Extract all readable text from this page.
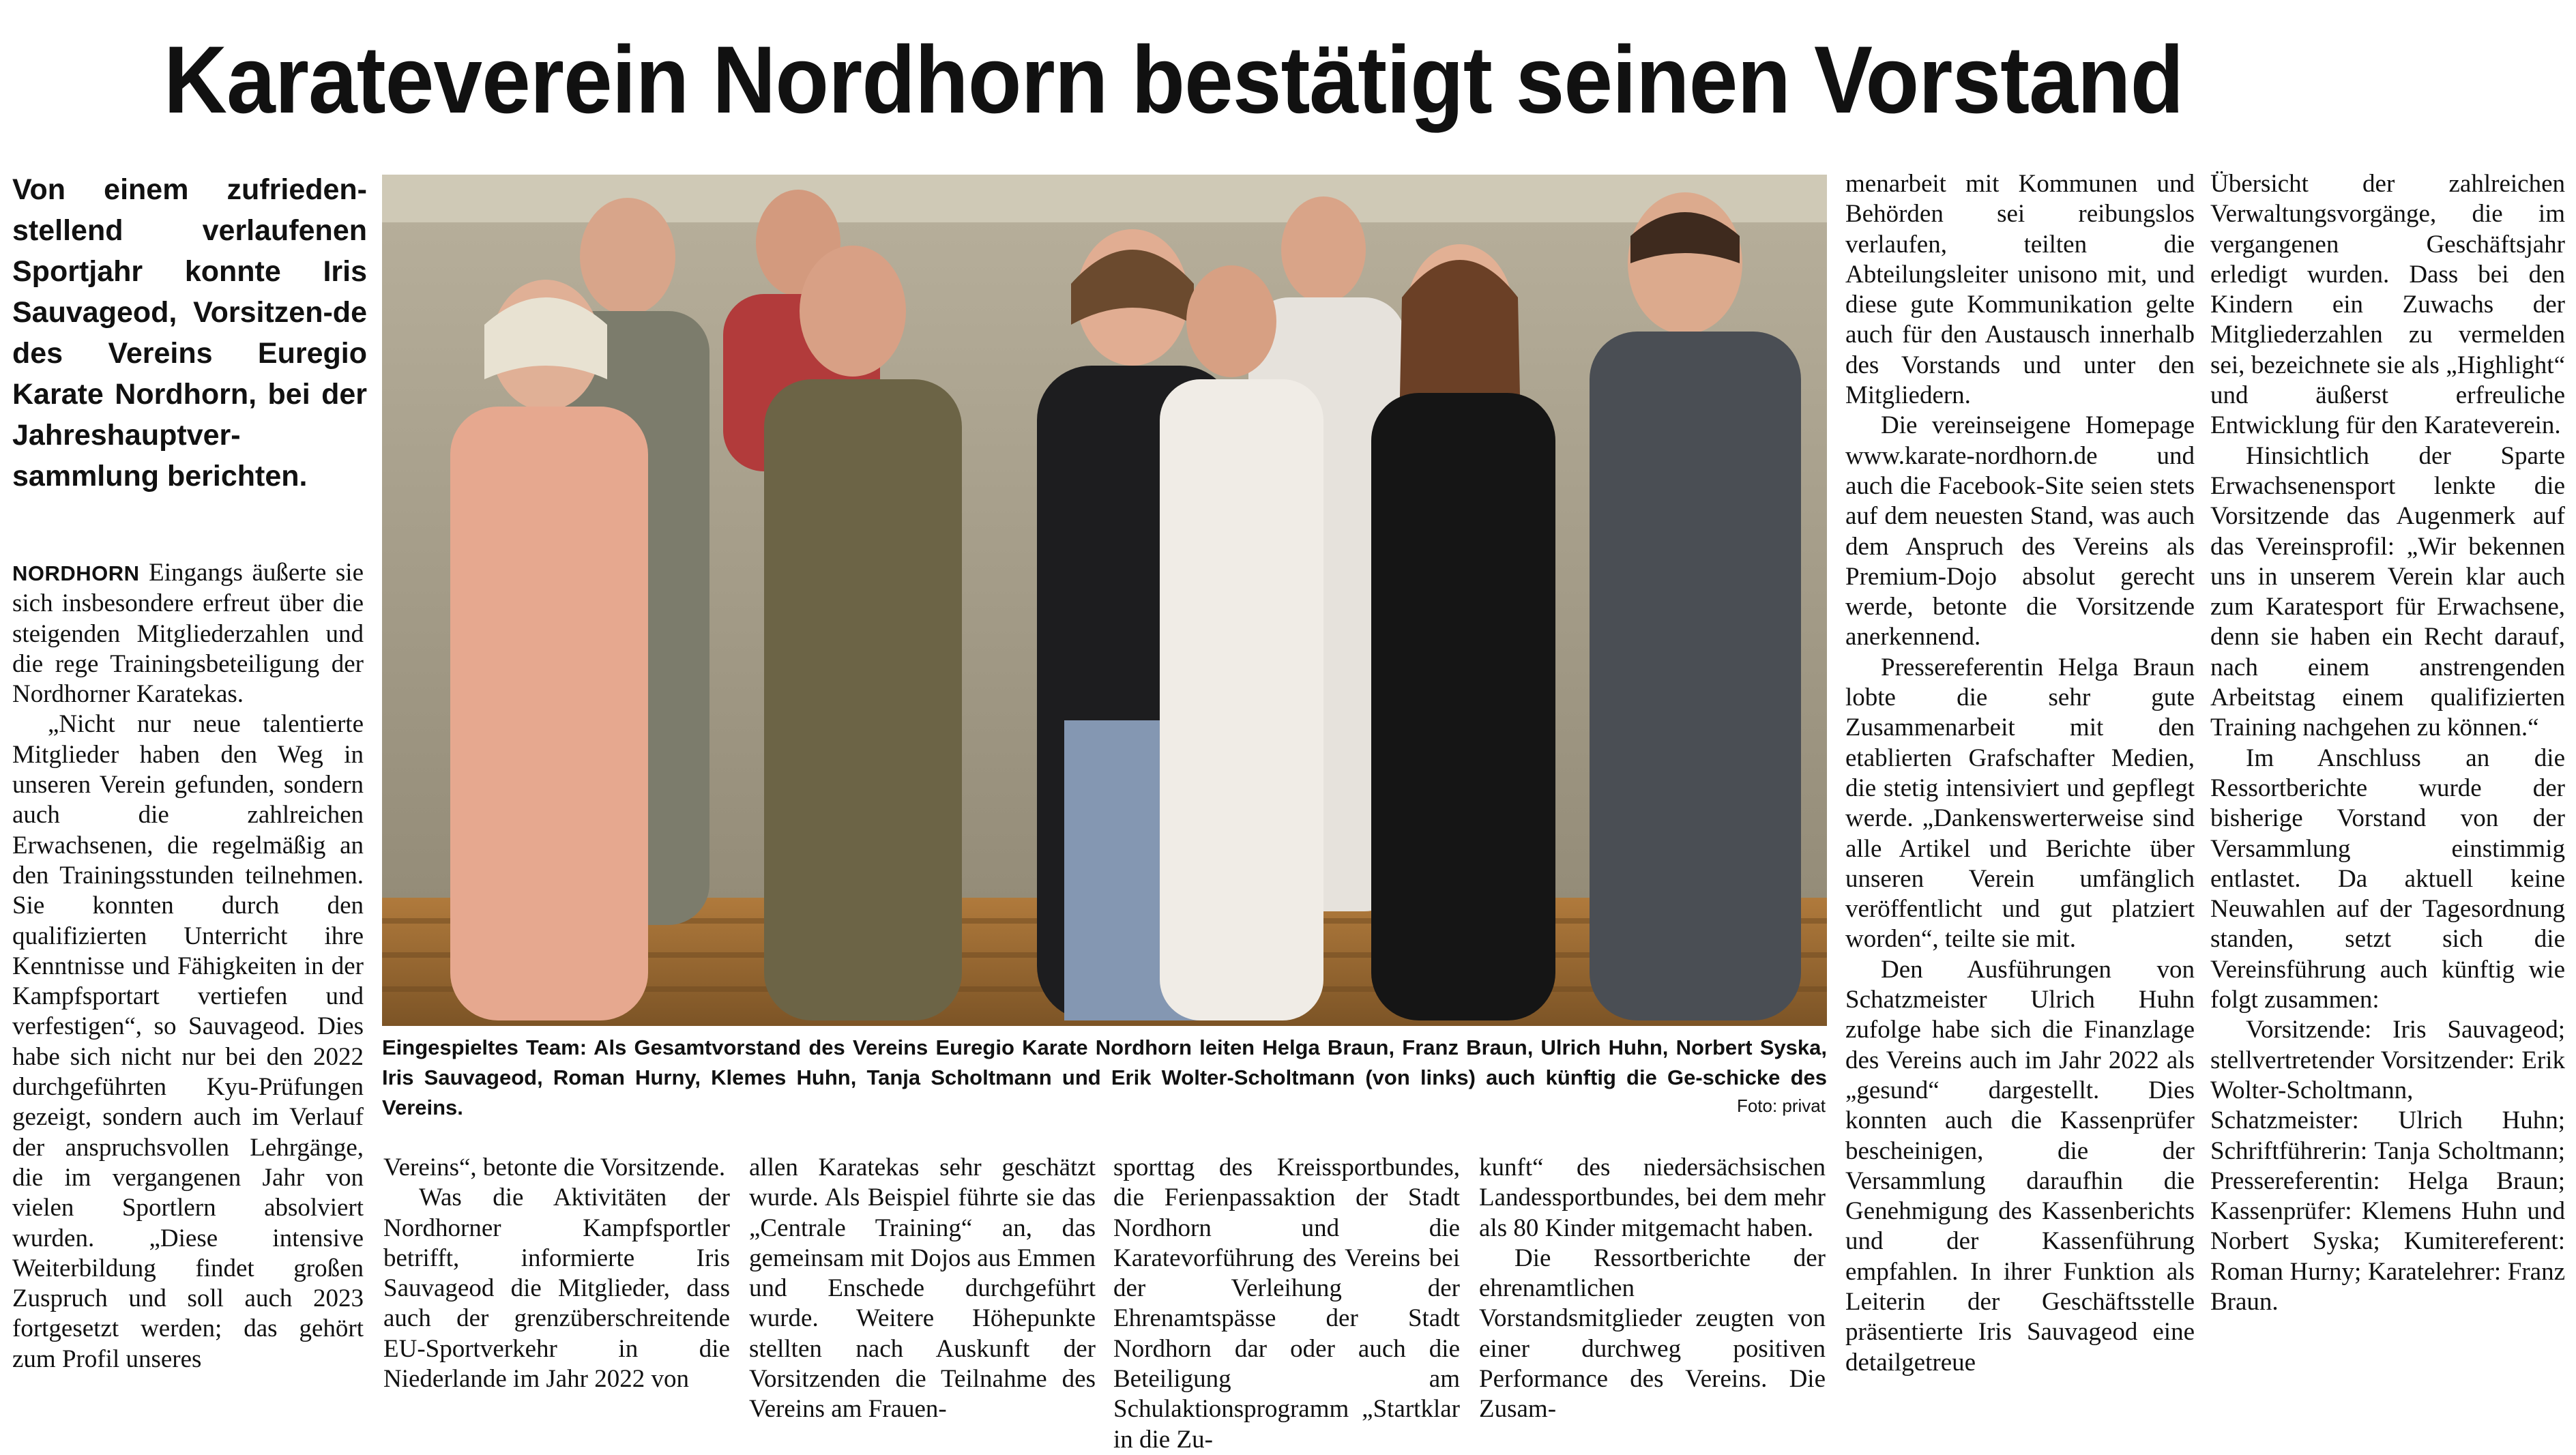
Karateverein Nordhorn bestätigt seinen Vorstand
Von einem zufrieden-stellend verlaufenen Sportjahr konnte Iris Sauvageod, Vorsitzen-de des Vereins Euregio Karate Nordhorn, bei der Jahreshauptver-sammlung berichten.
Eingespieltes Team: Als Gesamtvorstand des Vereins Euregio Karate Nordhorn leiten Helga Braun, Franz Braun, Ulrich Huhn, Norbert Syska, Iris Sauvageod, Roman Hurny, Klemes Huhn, Tanja Scholtmann und Erik Wolter-Scholtmann (von links) auch künftig die Ge-schicke des Vereins.	Foto: privat

NORDHORN Eingangs äußerte sie sich insbesondere erfreut über die steigenden Mitgliederzahlen und die rege Trainingsbeteiligung der Nordhorner Karatekas.

„Nicht nur neue talentierte Mitglieder haben den Weg in unseren Verein gefunden, sondern auch die zahlreichen Erwachsenen, die regelmäßig an den Trainingsstunden teilnehmen. Sie konnten durch den qualifizierten Unterricht ihre Kenntnisse und Fähigkeiten in der Kampfsportart vertiefen und verfestigen“, so Sauvageod. Dies habe sich nicht nur bei den 2022 durchgeführten Kyu-Prüfungen gezeigt, sondern auch im Verlauf der anspruchsvollen Lehrgänge, die im vergangenen Jahr von vielen Sportlern absolviert wurden. „Diese intensive Weiterbildung findet großen Zuspruch und soll auch 2023 fortgesetzt werden; das gehört zum Profil unseres

Vereins“, betonte die Vorsitzende.

Was die Aktivitäten der Nordhorner Kampfsportler betrifft, informierte Iris Sauvageod die Mitglieder, dass auch der grenzüberschreitende EU-Sportverkehr in die Niederlande im Jahr 2022 von

allen Karatekas sehr geschätzt wurde. Als Beispiel führte sie das „Centrale Training“ an, das gemeinsam mit Dojos aus Emmen und Enschede durchgeführt wurde. Weitere Höhepunkte stellten nach Auskunft der Vorsitzenden die Teilnahme des Vereins am Frauen-

sporttag des Kreissportbundes, die Ferienpassaktion der Stadt Nordhorn und die Karatevorführung des Vereins bei der Verleihung der Ehrenamtspässe der Stadt Nordhorn dar oder auch die Beteiligung am Schulaktionsprogramm „Startklar in die Zu-

kunft“ des niedersächsischen Landessportbundes, bei dem mehr als 80 Kinder mitgemacht haben.

Die Ressortberichte der ehrenamtlichen Vorstandsmitglieder zeugten von einer durchweg positiven Performance des Vereins. Die Zusam-

menarbeit mit Kommunen und Behörden sei reibungslos verlaufen, teilten die Abteilungsleiter unisono mit, und diese gute Kommunikation gelte auch für den Austausch innerhalb des Vorstands und unter den Mitgliedern.

Die vereinseigene Homepage www.karate-nordhorn.de und auch die Facebook-Site seien stets auf dem neuesten Stand, was auch dem Anspruch des Vereins als Premium-Dojo absolut gerecht werde, betonte die Vorsitzende anerkennend.

Pressereferentin Helga Braun lobte die sehr gute Zusammenarbeit mit den etablierten Grafschafter Medien, die stetig intensiviert und gepflegt werde. „Dankenswerterweise sind alle Artikel und Berichte über unseren Verein umfänglich veröffentlicht und gut platziert worden“, teilte sie mit.

Den Ausführungen von Schatzmeister Ulrich Huhn zufolge habe sich die Finanzlage des Vereins auch im Jahr 2022 als „gesund“ dargestellt. Dies konnten auch die Kassenprüfer bescheinigen, die der Versammlung daraufhin die Genehmigung des Kassenberichts und der Kassenführung empfahlen. In ihrer Funktion als Leiterin der Geschäftsstelle präsentierte Iris Sauvageod eine detailgetreue

Übersicht der zahlreichen Verwaltungsvorgänge, die im vergangenen Geschäftsjahr erledigt wurden. Dass bei den Kindern ein Zuwachs der Mitgliederzahlen zu vermelden sei, bezeichnete sie als „Highlight“ und äußerst erfreuliche Entwicklung für den Karateverein.

Hinsichtlich der Sparte Erwachsenensport lenkte die Vorsitzende das Augenmerk auf das Vereinsprofil: „Wir bekennen uns in unserem Verein klar auch zum Karatesport für Erwachsene, denn sie haben ein Recht darauf, nach einem anstrengenden Arbeitstag einem qualifizierten Training nachgehen zu können.“

Im Anschluss an die Ressortberichte wurde der bisherige Vorstand von der Versammlung einstimmig entlastet. Da aktuell keine Neuwahlen auf der Tagesordnung standen, setzt sich die Vereinsführung auch künftig wie folgt zusammen:

Vorsitzende: Iris Sauvageod; stellvertretender Vorsitzender: Erik Wolter-Scholtmann, Schatzmeister: Ulrich Huhn; Schriftführerin: Tanja Scholtmann; Pressereferentin: Helga Braun; Kassenprüfer: Klemens Huhn und Norbert Syska; Kumitereferent: Roman Hurny; Karatelehrer: Franz Braun.
